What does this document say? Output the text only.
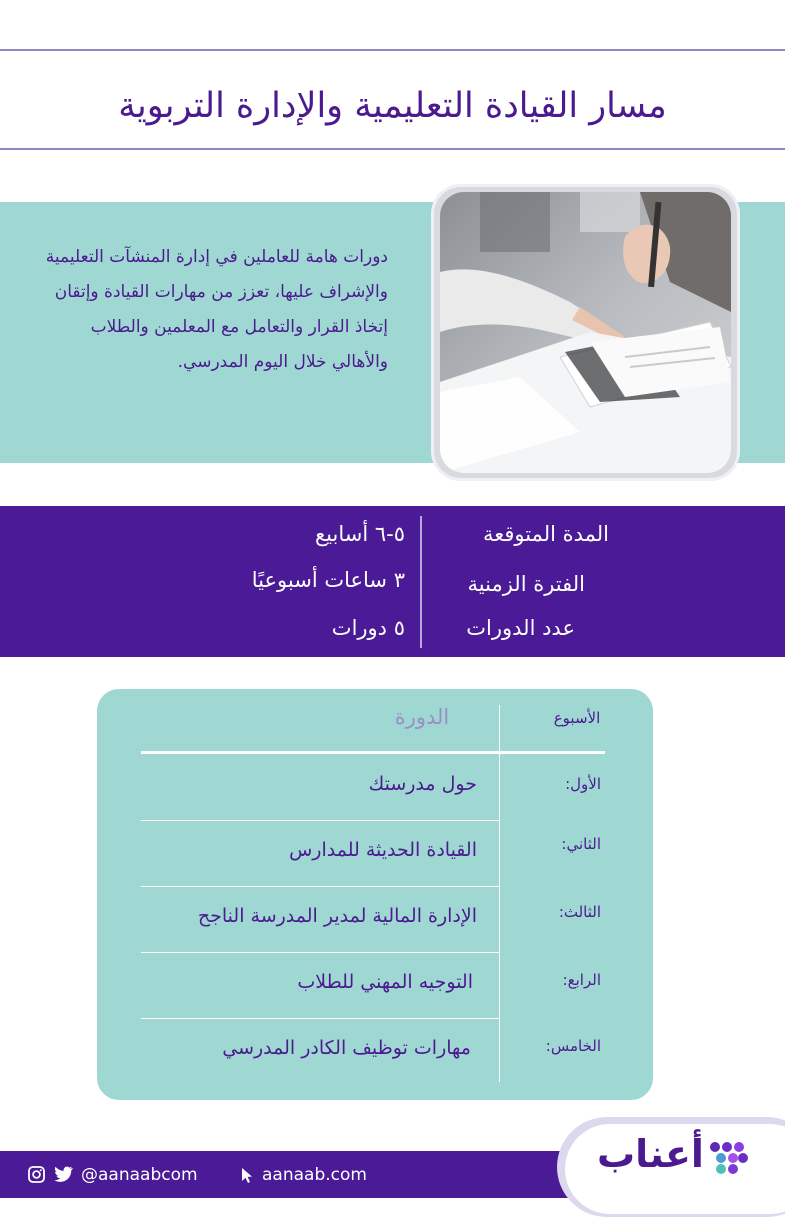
مسار القيادة التعليمية والإدارة التربوية
دورات هامة للعاملين في إدارة المنشآت التعليمية والإشراف عليها، تعزز من مهارات القيادة وإتقان إتخاذ القرار والتعامل مع المعلمين والطلاب والأهالي خلال اليوم المدرسي.
المدة المتوقعة
٥-٦ أسابيع
الفترة الزمنية
٣ ساعات أسبوعيًا
عدد الدورات
٥ دورات
الأسبوع
الدورة
الأول:
حول مدرستك
الثاني:
القيادة الحديثة للمدارس
الثالث:
الإدارة المالية لمدير المدرسة الناجح
الرابع:
التوجيه المهني للطلاب
الخامس:
مهارات توظيف الكادر المدرسي
@aanaabcom	aanaab.com	أعناب
